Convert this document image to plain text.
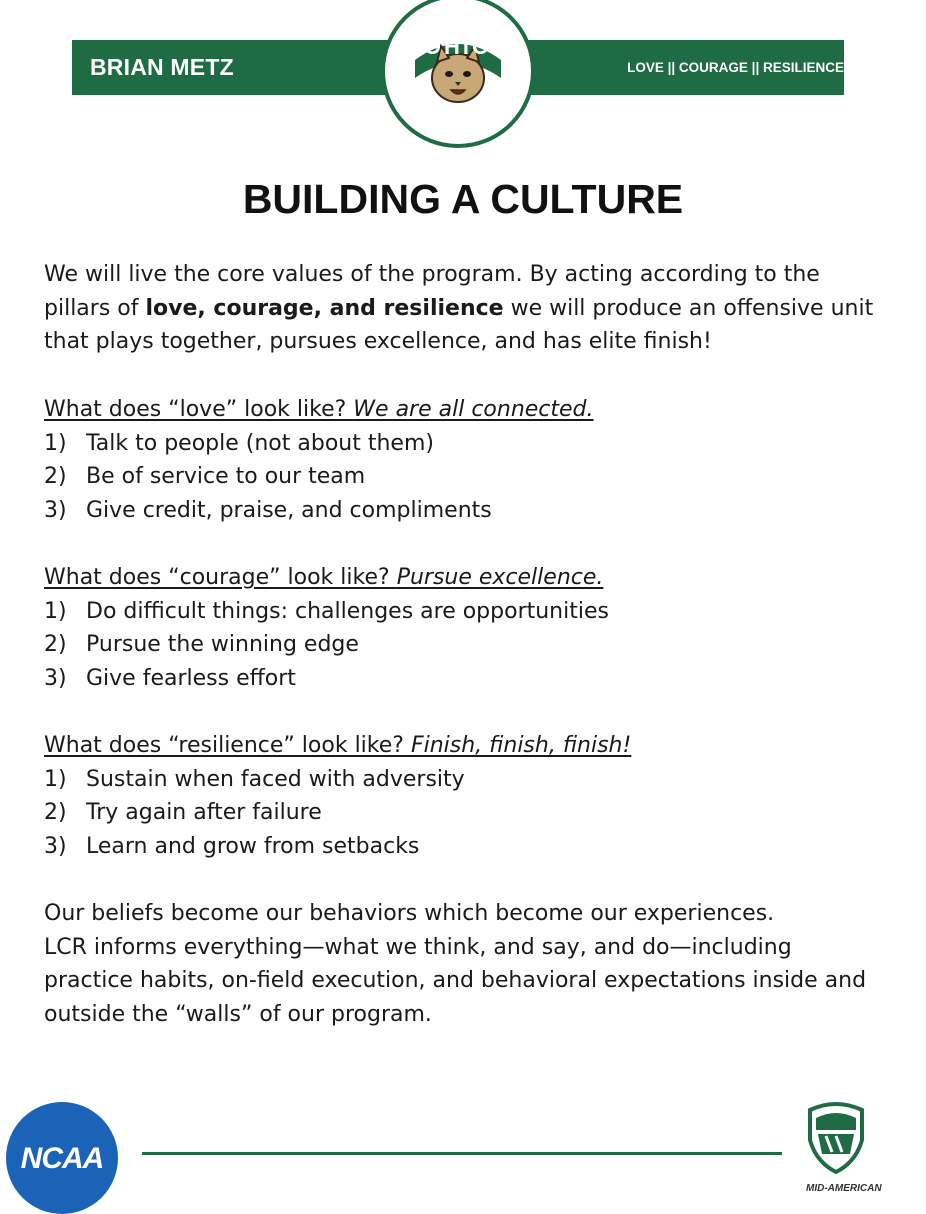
BRIAN METZ	LOVE || COURAGE || RESILIENCE
OHIO
BUILDING A CULTURE
We will live the core values of the program. By acting according to the
pillars of love, courage, and resilience we will produce an offensive unit
that plays together, pursues excellence, and has elite finish!
What does “love” look like? We are all connected.
1) Talk to people (not about them)
2) Be of service to our team
3) Give credit, praise, and compliments
What does “courage” look like? Pursue excellence.
1) Do difficult things: challenges are opportunities
2) Pursue the winning edge
3) Give fearless effort
What does “resilience” look like? Finish, finish, finish!
1) Sustain when faced with adversity
2) Try again after failure
3) Learn and grow from setbacks
Our beliefs become our behaviors which become our experiences.
LCR informs everything—what we think, and say, and do—including
practice habits, on-field execution, and behavioral expectations inside and
outside the “walls” of our program.
NCAA
MID-AMERICAN
